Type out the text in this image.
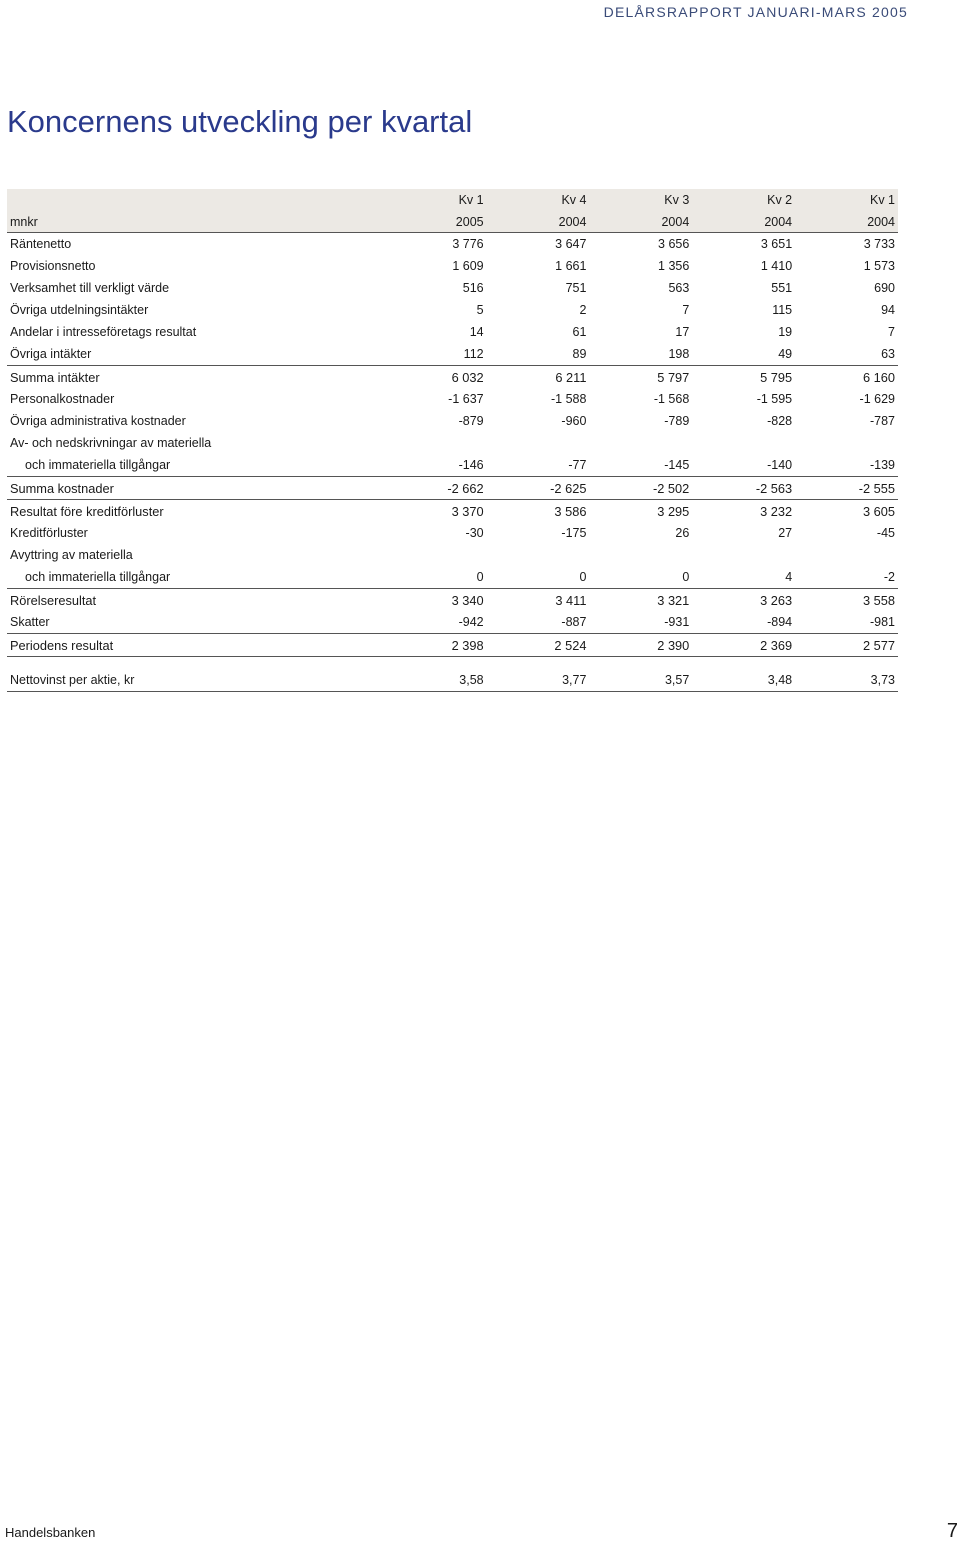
DELÅRSRAPPORT JANUARI-MARS 2005
Koncernens utveckling per kvartal
	Kv 1	Kv 4	Kv 3	Kv 2	Kv 1
mnkr	2005	2004	2004	2004	2004
Räntenetto	3 776	3 647	3 656	3 651	3 733
Provisionsnetto	1 609	1 661	1 356	1 410	1 573
Verksamhet till verkligt värde	516	751	563	551	690
Övriga utdelningsintäkter	5	2	7	115	94
Andelar i intresseföretags resultat	14	61	17	19	7
Övriga intäkter	112	89	198	49	63
Summa intäkter	6 032	6 211	5 797	5 795	6 160
Personalkostnader	-1 637	-1 588	-1 568	-1 595	-1 629
Övriga administrativa kostnader	-879	-960	-789	-828	-787
Av- och nedskrivningar av materiella					
och immateriella tillgångar	-146	-77	-145	-140	-139
Summa kostnader	-2 662	-2 625	-2 502	-2 563	-2 555
Resultat före kreditförluster	3 370	3 586	3 295	3 232	3 605
Kreditförluster	-30	-175	26	27	-45
Avyttring av materiella					
och immateriella tillgångar	0	0	0	4	-2
Rörelseresultat	3 340	3 411	3 321	3 263	3 558
Skatter	-942	-887	-931	-894	-981
Periodens resultat	2 398	2 524	2 390	2 369	2 577

Nettovinst per aktie, kr	3,58	3,77	3,57	3,48	3,73
Handelsbanken	7
